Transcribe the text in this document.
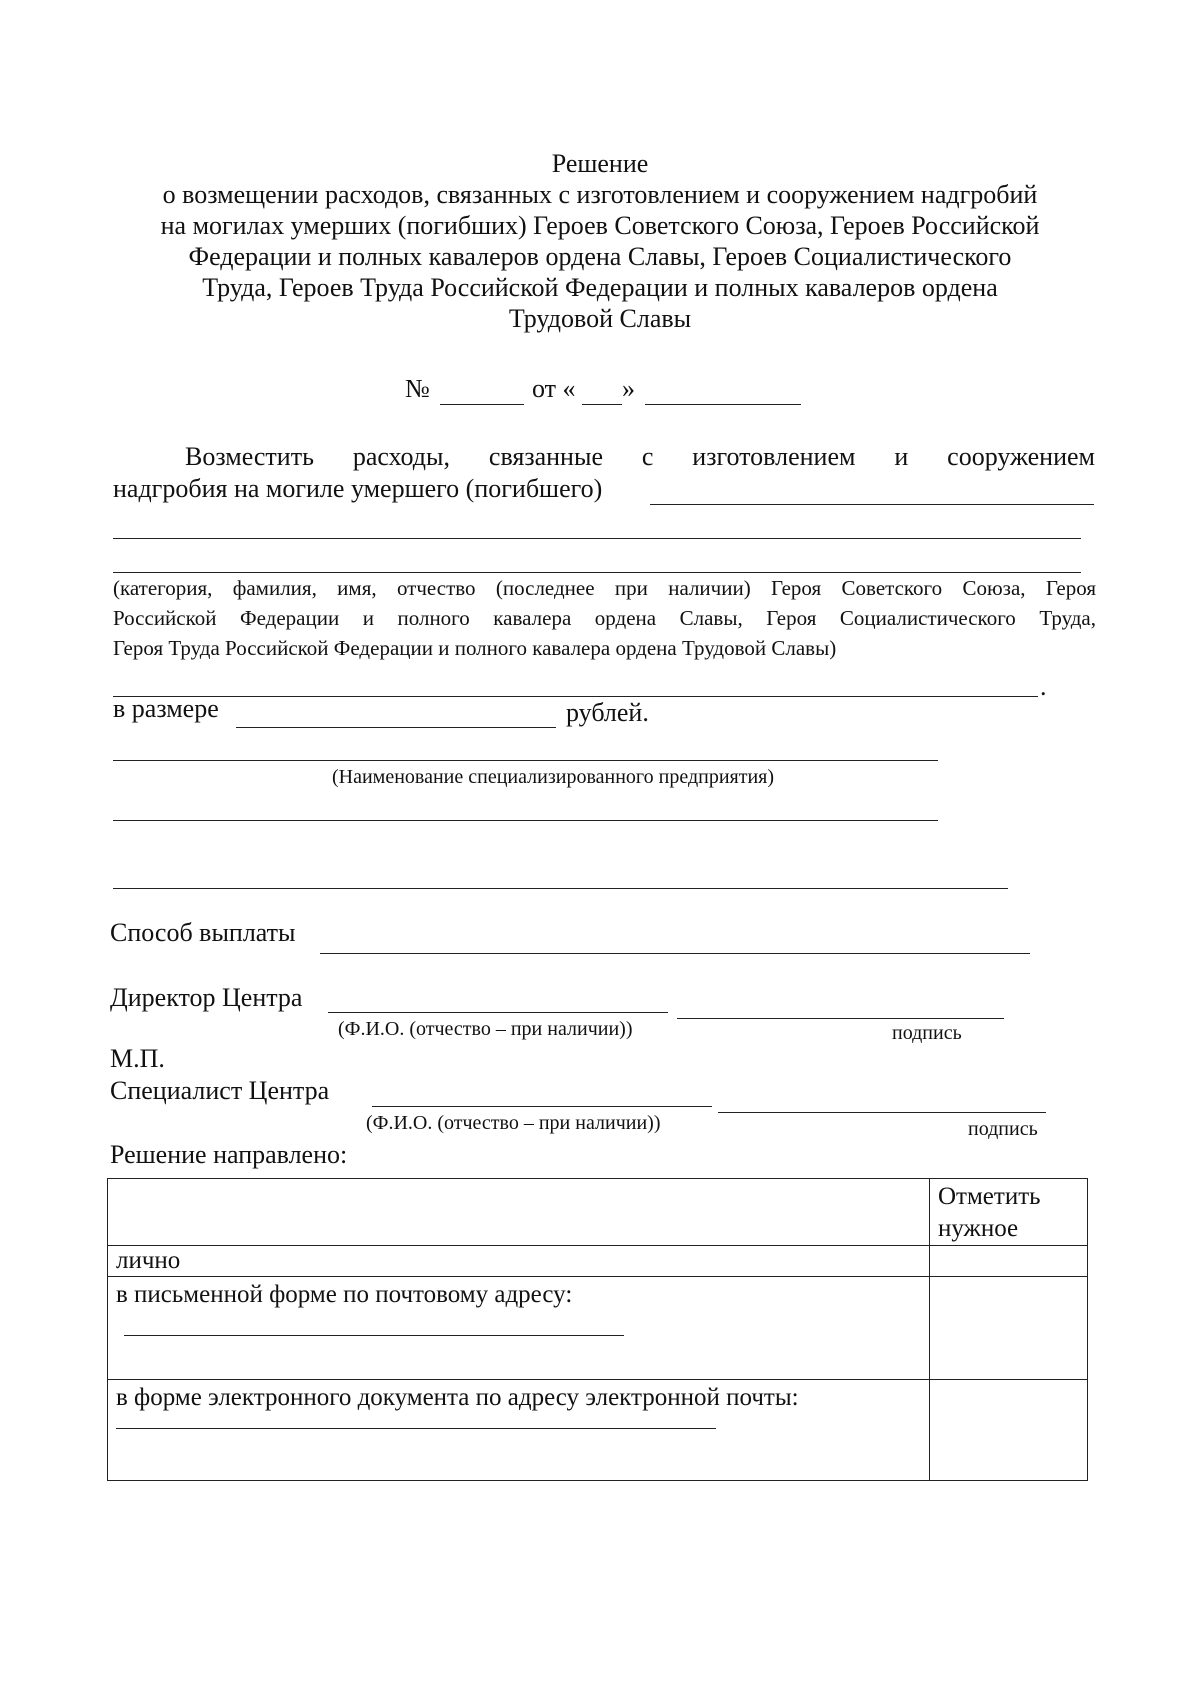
Решение
о возмещении расходов, связанных с изготовлением и сооружением надгробий
на могилах умерших (погибших) Героев Советского Союза, Героев Российской
Федерации и полных кавалеров ордена Славы, Героев Социалистического
Труда, Героев Труда Российской Федерации и полных кавалеров ордена
Трудовой Славы
№	от « »
Возместить расходы, связанные с изготовлением и сооружением
надгробия на могиле умершего (погибшего)
(категория, фамилия, имя, отчество (последнее при наличии) Героя Советского Союза, Героя
Российской Федерации и полного кавалера ордена Славы, Героя Социалистического Труда,
Героя Труда Российской Федерации и полного кавалера ордена Трудовой Славы)
.
в размере	рублей.
(Наименование специализированного предприятия)
Способ выплаты
Директор Центра
(Ф.И.О. (отчество – при наличии))	подпись
М.П.
Специалист Центра
(Ф.И.О. (отчество – при наличии))	подпись
Решение направлено:
	Отметить нужное
лично	
в письменной форме по почтовому адресу:

в форме электронного документа по адресу электронной почты:
